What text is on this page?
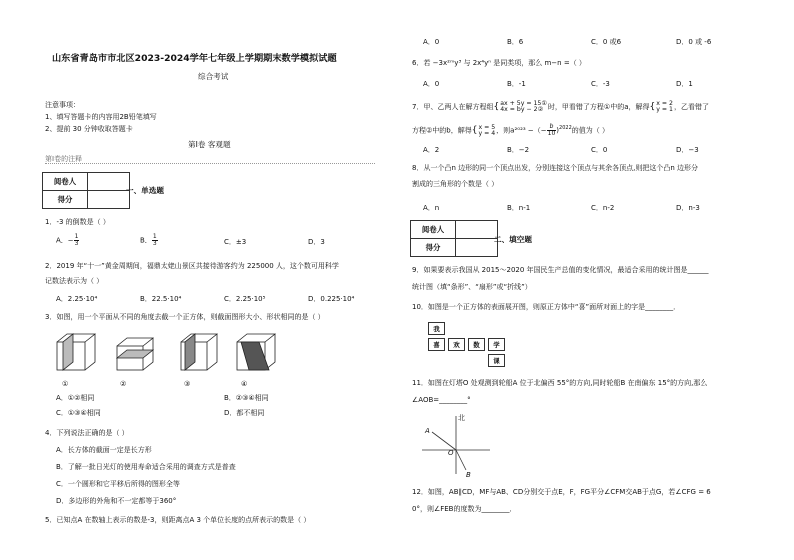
山东省青岛市市北区2023-2024学年七年级上学期期末数学模拟试题
综合考试
注意事项：
1、填写答题卡的内容用2B铅笔填写
2、提前 30 分钟收取答题卡
第Ⅰ卷 客观题
第Ⅰ卷的注释
阅卷人	
得分	
一、单选题
1．-3 的倒数是（ ）
A．− $\frac{1}{3}$	B． $\frac{1}{3}$	C．±3	D．3
2．2019 年“十一”黄金周期间，福鼎太姥山景区共接待游客约为 225000 人，这个数可用科学
记数法表示为（ ）
A．2.25·10⁴	B．22.5·10⁴	C．2.25·10⁵	D．0.225·10⁴
3．如图，用一个平面从不同的角度去截一个正方体，则截面图形大小、形状相同的是（ ）
①	②	③	④
A．①②相同	B．②③④相同
C．①③④相同	D．都不相同
4．下列说法正确的是（ ）
A．长方体的截面一定是长方形
B．了解一批日光灯的使用寿命适合采用的调查方式是普查
C．一个圆形和它平移后所得的图形全等
D．多边形的外角和不一定都等于360°
5．已知点A 在数轴上表示的数是-3，则距离点A 3 个单位长度的点所表示的数是（ ）
A．0	B．6	C．0 或6	D．0 或 -6
6．若 −3x²ᵐy³ 与 2x⁴yⁿ 是同类项，那么 m−n =（ ）
A．0	B．-1	C．-3	D．1
7．甲、乙两人在解方程组{ ax + 5y = 15①
4x = by − 2② 时，甲看错了方程①中的a，解得{ x = 2
y = 1 ，乙看错了
方程②中的b，解得{ x = 5
y = 4 ，则a²⁰²³ −（− $\frac{b}{10} )^{2022}$的值为（ ）
A．2	B．−2	C．0	D．−3
8．从一个凸n 边形的同一个顶点出发，分别连接这个顶点与其余各顶点,则把这个凸n 边形分
割成的三角形的个数是（ ）
A．n	B．n-1	C．n-2	D．n-3
阅卷人	
得分	
二、填空题
9．如果要表示我国从 2015～2020 年国民生产总值的变化情况，最适合采用的统计图是______
统计图（填“条形”、“扇形”或“折线”）
10．如图是一个正方体的表面展开图，则原正方体中“喜”面所对面上的字是________．
我
喜	欢	数	学
课
11．如图在灯塔O 处观测到轮船A 位于北偏西 55°的方向,同时轮船B 在南偏东 15°的方向,那么
∠AOB=________°
北
A
O
B
12．如图，AB∥CD，MF与AB、CD分别交于点E，F，FG平分∠CFM交AB于点G，若∠CFG = 6
0°，则∠FEB的度数为________．
